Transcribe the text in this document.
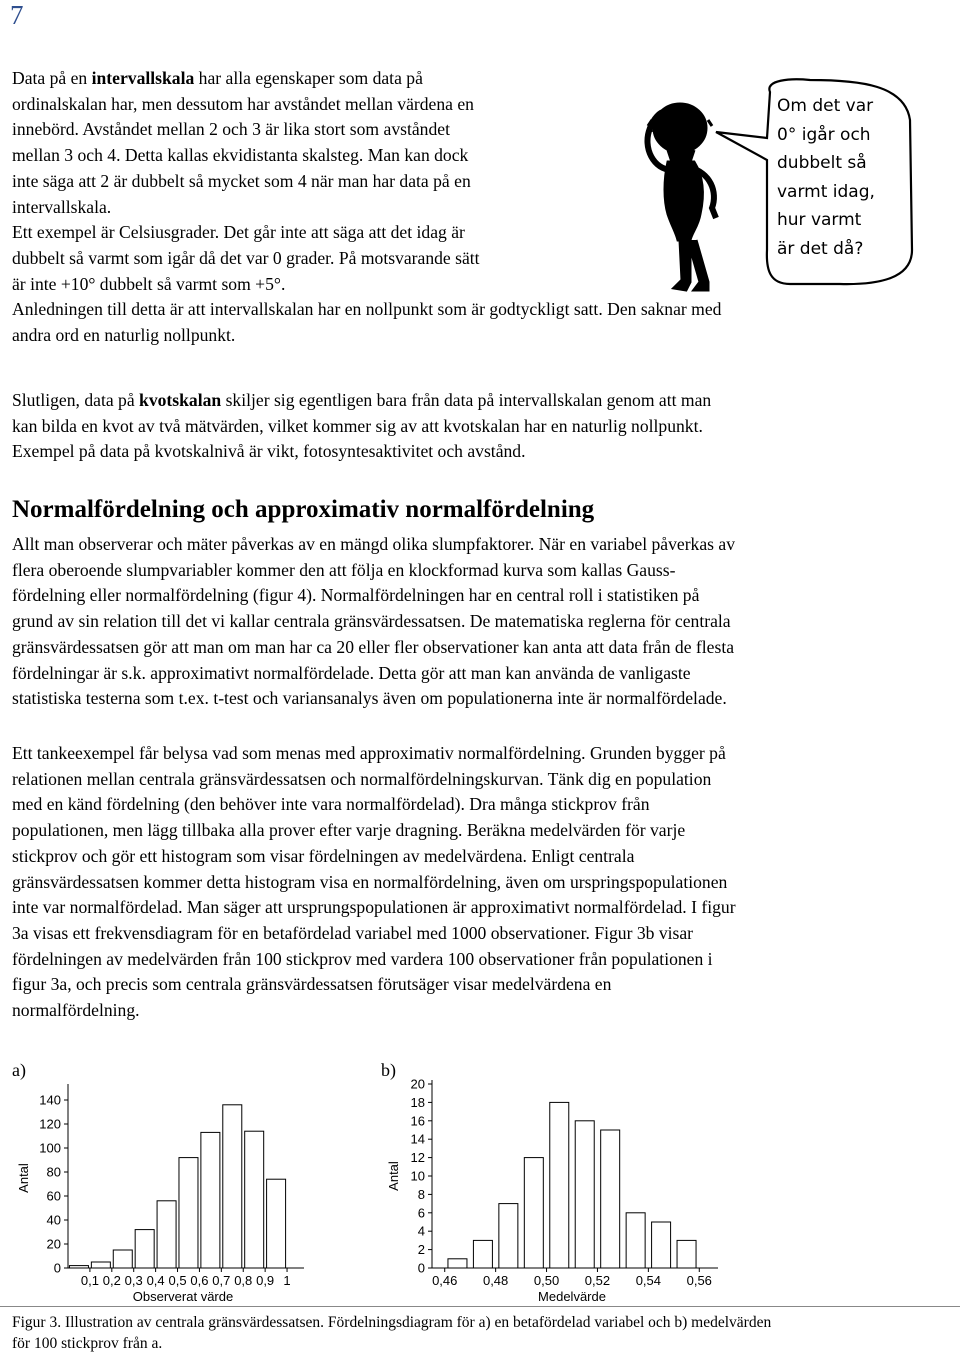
7
Data på en intervallskala har alla egenskaper som data på
ordinalskalan har, men dessutom har avståndet mellan värdena en
innebörd. Avståndet mellan 2 och 3 är lika stort som avståndet
mellan 3 och 4. Detta kallas ekvidistanta skalsteg. Man kan dock
inte säga att 2 är dubbelt så mycket som 4 när man har data på en
intervallskala.
Ett exempel är Celsiusgrader. Det går inte att säga att det idag är
dubbelt så varmt som igår då det var 0 grader. På motsvarande sätt
är inte +10° dubbelt så varmt som +5°.
Anledningen till detta är att intervallskalan har en nollpunkt som är godtyckligt satt. Den saknar med
andra ord en naturlig nollpunkt.
Om det var
0° igår och
dubbelt så
varmt idag,
hur varmt
är det då?
Slutligen, data på kvotskalan skiljer sig egentligen bara från data på intervallskalan genom att man
kan bilda en kvot av två mätvärden, vilket kommer sig av att kvotskalan har en naturlig nollpunkt.
Exempel på data på kvotskalnivå är vikt, fotosyntesaktivitet och avstånd.
Normalfördelning och approximativ normalfördelning
Allt man observerar och mäter påverkas av en mängd olika slumpfaktorer. När en variabel påverkas av
flera oberoende slumpvariabler kommer den att följa en klockformad kurva som kallas Gauss-
fördelning eller normalfördelning (figur 4). Normalfördelningen har en central roll i statistiken på
grund av sin relation till det vi kallar centrala gränsvärdessatsen. De matematiska reglerna för centrala
gränsvärdessatsen gör att man om man har ca 20 eller fler observationer kan anta att data från de flesta
fördelningar är s.k. approximativt normalfördelade. Detta gör att man kan använda de vanligaste
statistiska testerna som t.ex. t-test och variansanalys även om populationerna inte är normalfördelade.
Ett tankeexempel får belysa vad som menas med approximativ normalfördelning. Grunden bygger på
relationen mellan centrala gränsvärdessatsen och normalfördelningskurvan. Tänk dig en population
med en känd fördelning (den behöver inte vara normalfördelad). Dra många stickprov från
populationen, men lägg tillbaka alla prover efter varje dragning. Beräkna medelvärden för varje
stickprov och gör ett histogram som visar fördelningen av medelvärdena. Enligt centrala
gränsvärdessatsen kommer detta histogram visa en normalfördelning, även om urspringspopulationen
inte var normalfördelad. Man säger att ursprungspopulationen är approximativt normalfördelad. I figur
3a visas ett frekvensdiagram för en betafördelad variabel med 1000 observationer. Figur 3b visar
fördelningen av medelvärden från 100 stickprov med vardera 100 observationer från populationen i
figur 3a, och precis som centrala gränsvärdessatsen förutsäger visar medelvärdena en
normalfördelning.
a)
0
20
40
60
80
100
120
140
0,1 0,2 0,3 0,4 0,5 0,6 0,7 0,8 0,9 1
Observerat värde
Antal
b)
0
2
4
6
8
10
12
14
16
18
20
0,46 0,48 0,50 0,52 0,54 0,56
Medelvärde
Antal
Figur 3. Illustration av centrala gränsvärdessatsen. Fördelningsdiagram för a) en betafördelad variabel och b) medelvärden
för 100 stickprov från a.
